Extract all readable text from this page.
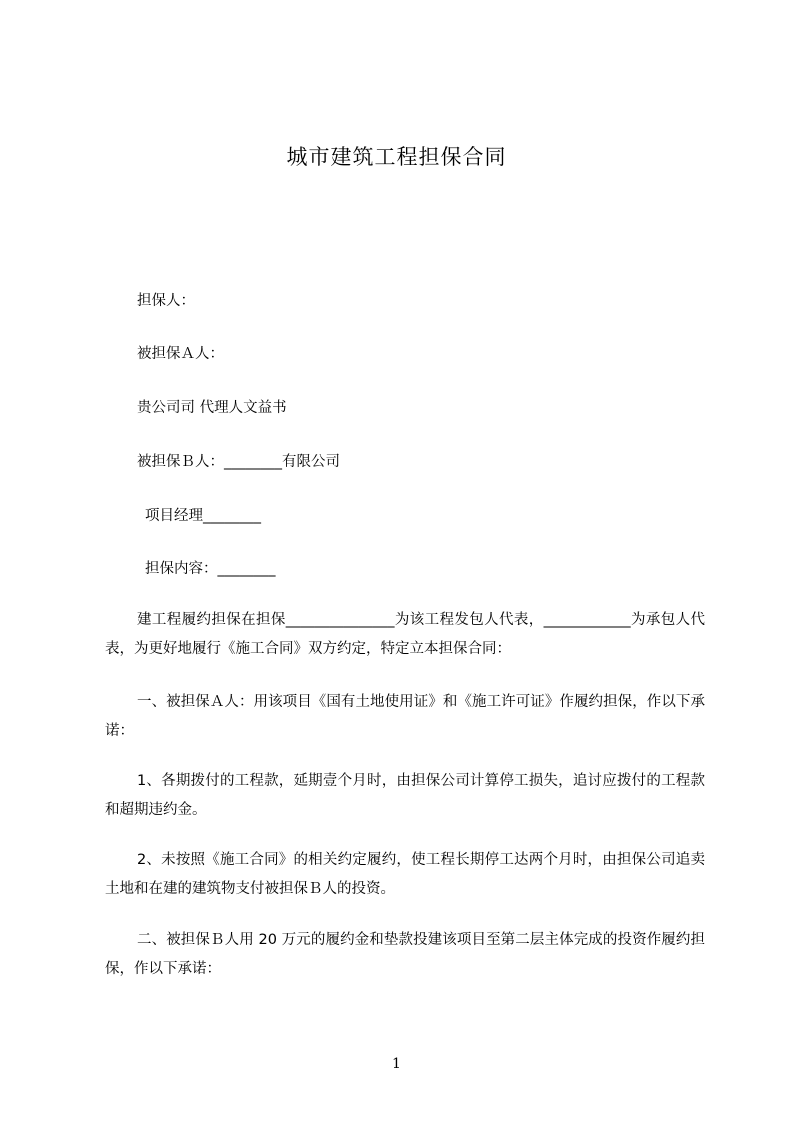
城市建筑工程担保合同
担保人：
被担保Ａ人：
贵公司司 代理人文益书
被担保Ｂ人：________有限公司
项目经理________
担保内容：________
建工程履约担保在担保_______________为该工程发包人代表，____________为承包人代表，为更好地履行《施工合同》双方约定，特定立本担保合同：
一、被担保Ａ人：用该项目《国有土地使用证》和《施工许可证》作履约担保，作以下承诺：
1、各期拨付的工程款，延期壹个月时，由担保公司计算停工损失，追讨应拨付的工程款和超期违约金。
2、未按照《施工合同》的相关约定履约，使工程长期停工达两个月时，由担保公司追卖土地和在建的建筑物支付被担保Ｂ人的投资。
二、被担保Ｂ人用 20 万元的履约金和垫款投建该项目至第二层主体完成的投资作履约担保，作以下承诺：
1
